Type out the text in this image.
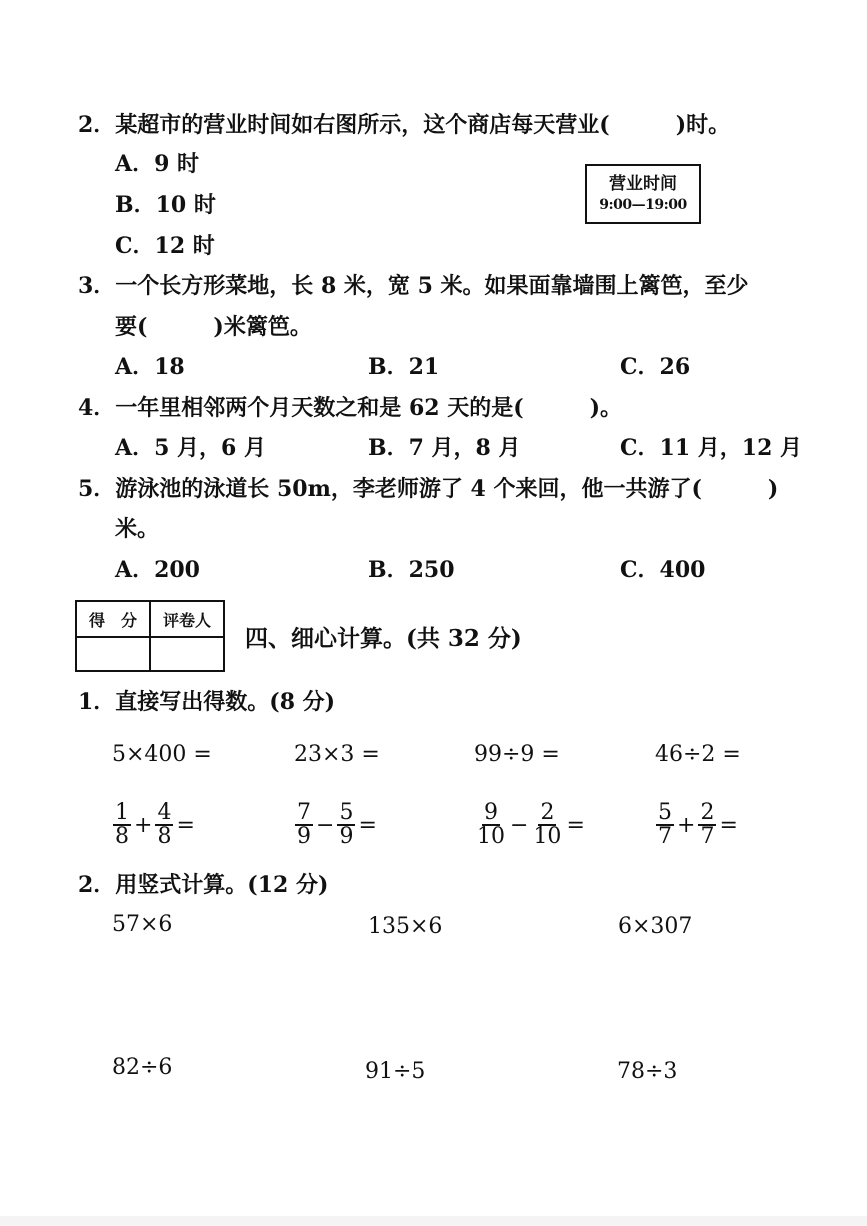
2．某超市的营业时间如右图所示，这个商店每天营业(　　　)时。
A．9 时
B．10 时
C．12 时
营业时间
9:00—19:00
3．一个长方形菜地，长 8 米，宽 5 米。如果面靠墙围上篱笆，至少
要(　　　)米篱笆。
A．18	B．21	C．26
4．一年里相邻两个月天数之和是 62 天的是(　　　)。
A．5 月，6 月	B．7 月，8 月	C．11 月，12 月
5．游泳池的泳道长 50m，李老师游了 4 个来回，他一共游了(　　　)
米。
A．200	B．250	C．400
得　分	评卷人

四、细心计算。(共 32 分)
1．直接写出得数。(8 分)
5×400 =	23×3 =	99÷9 =	46÷2 =
$\frac{1}{8} + \frac{4}{8}$ =	$\frac{7}{9} - \frac{5}{9}$ =	$\frac{9}{10} - \frac{2}{10}$ =	$\frac{5}{7} + \frac{2}{7}$ =
2．用竖式计算。(12 分)
57×6	135×6	6×307
82÷6	91÷5	78÷3
